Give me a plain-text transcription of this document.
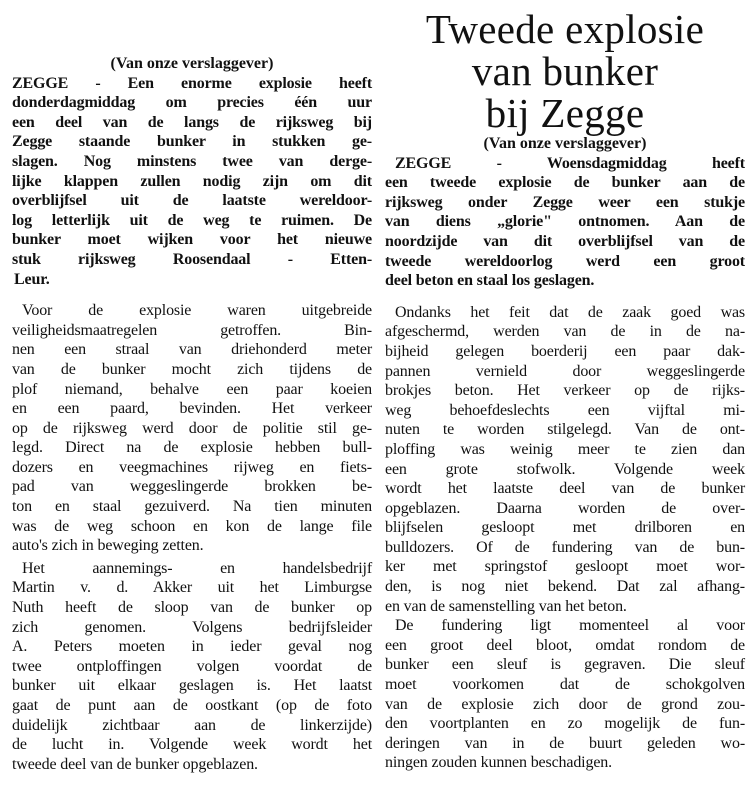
(Van onze verslaggever)
ZEGGE - Een enorme explosie heeft
donderdagmiddag om precies één uur
een deel van de langs de rijksweg bij
Zegge staande bunker in stukken ge-
slagen. Nog minstens twee van derge-
lijke klappen zullen nodig zijn om dit
overblijfsel uit de laatste wereldoor-
log letterlijk uit de weg te ruimen. De
bunker moet wijken voor het nieuwe
stuk rijksweg Roosendaal - Etten-
Leur.
Voor de explosie waren uitgebreide
veiligheidsmaatregelen getroffen. Bin-
nen een straal van driehonderd meter
van de bunker mocht zich tijdens de
plof niemand, behalve een paar koeien
en een paard, bevinden. Het verkeer
op de rijksweg werd door de politie stil ge-
legd. Direct na de explosie hebben bull-
dozers en veegmachines rijweg en fiets-
pad van weggeslingerde brokken be-
ton en staal gezuiverd. Na tien minuten
was de weg schoon en kon de lange file
auto's zich in beweging zetten.
Het aannemings- en handelsbedrijf
Martin v. d. Akker uit het Limburgse
Nuth heeft de sloop van de bunker op
zich genomen. Volgens bedrijfsleider
A. Peters moeten in ieder geval nog
twee ontploffingen volgen voordat de
bunker uit elkaar geslagen is. Het laatst
gaat de punt aan de oostkant (op de foto
duidelijk zichtbaar aan de linkerzijde)
de lucht in. Volgende week wordt het
tweede deel van de bunker opgeblazen.
Tweede explosie
van bunker
bij Zegge
(Van onze verslaggever)
ZEGGE - Woensdagmiddag heeft
een tweede explosie de bunker aan de
rijksweg onder Zegge weer een stukje
van diens „glorie" ontnomen. Aan de
noordzijde van dit overblijfsel van de
tweede wereldoorlog werd een groot
deel beton en staal los geslagen.
Ondanks het feit dat de zaak goed was
afgeschermd, werden van de in de na-
bijheid gelegen boerderij een paar dak-
pannen vernield door weggeslingerde
brokjes beton. Het verkeer op de rijks-
weg behoefdeslechts een vijftal mi-
nuten te worden stilgelegd. Van de ont-
ploffing was weinig meer te zien dan
een grote stofwolk. Volgende week
wordt het laatste deel van de bunker
opgeblazen. Daarna worden de over-
blijfselen gesloopt met drilboren en
bulldozers. Of de fundering van de bun-
ker met springstof gesloopt moet wor-
den, is nog niet bekend. Dat zal afhang-
en van de samenstelling van het beton.
De fundering ligt momenteel al voor
een groot deel bloot, omdat rondom de
bunker een sleuf is gegraven. Die sleuf
moet voorkomen dat de schokgolven
van de explosie zich door de grond zou-
den voortplanten en zo mogelijk de fun-
deringen van in de buurt geleden wo-
ningen zouden kunnen beschadigen.
